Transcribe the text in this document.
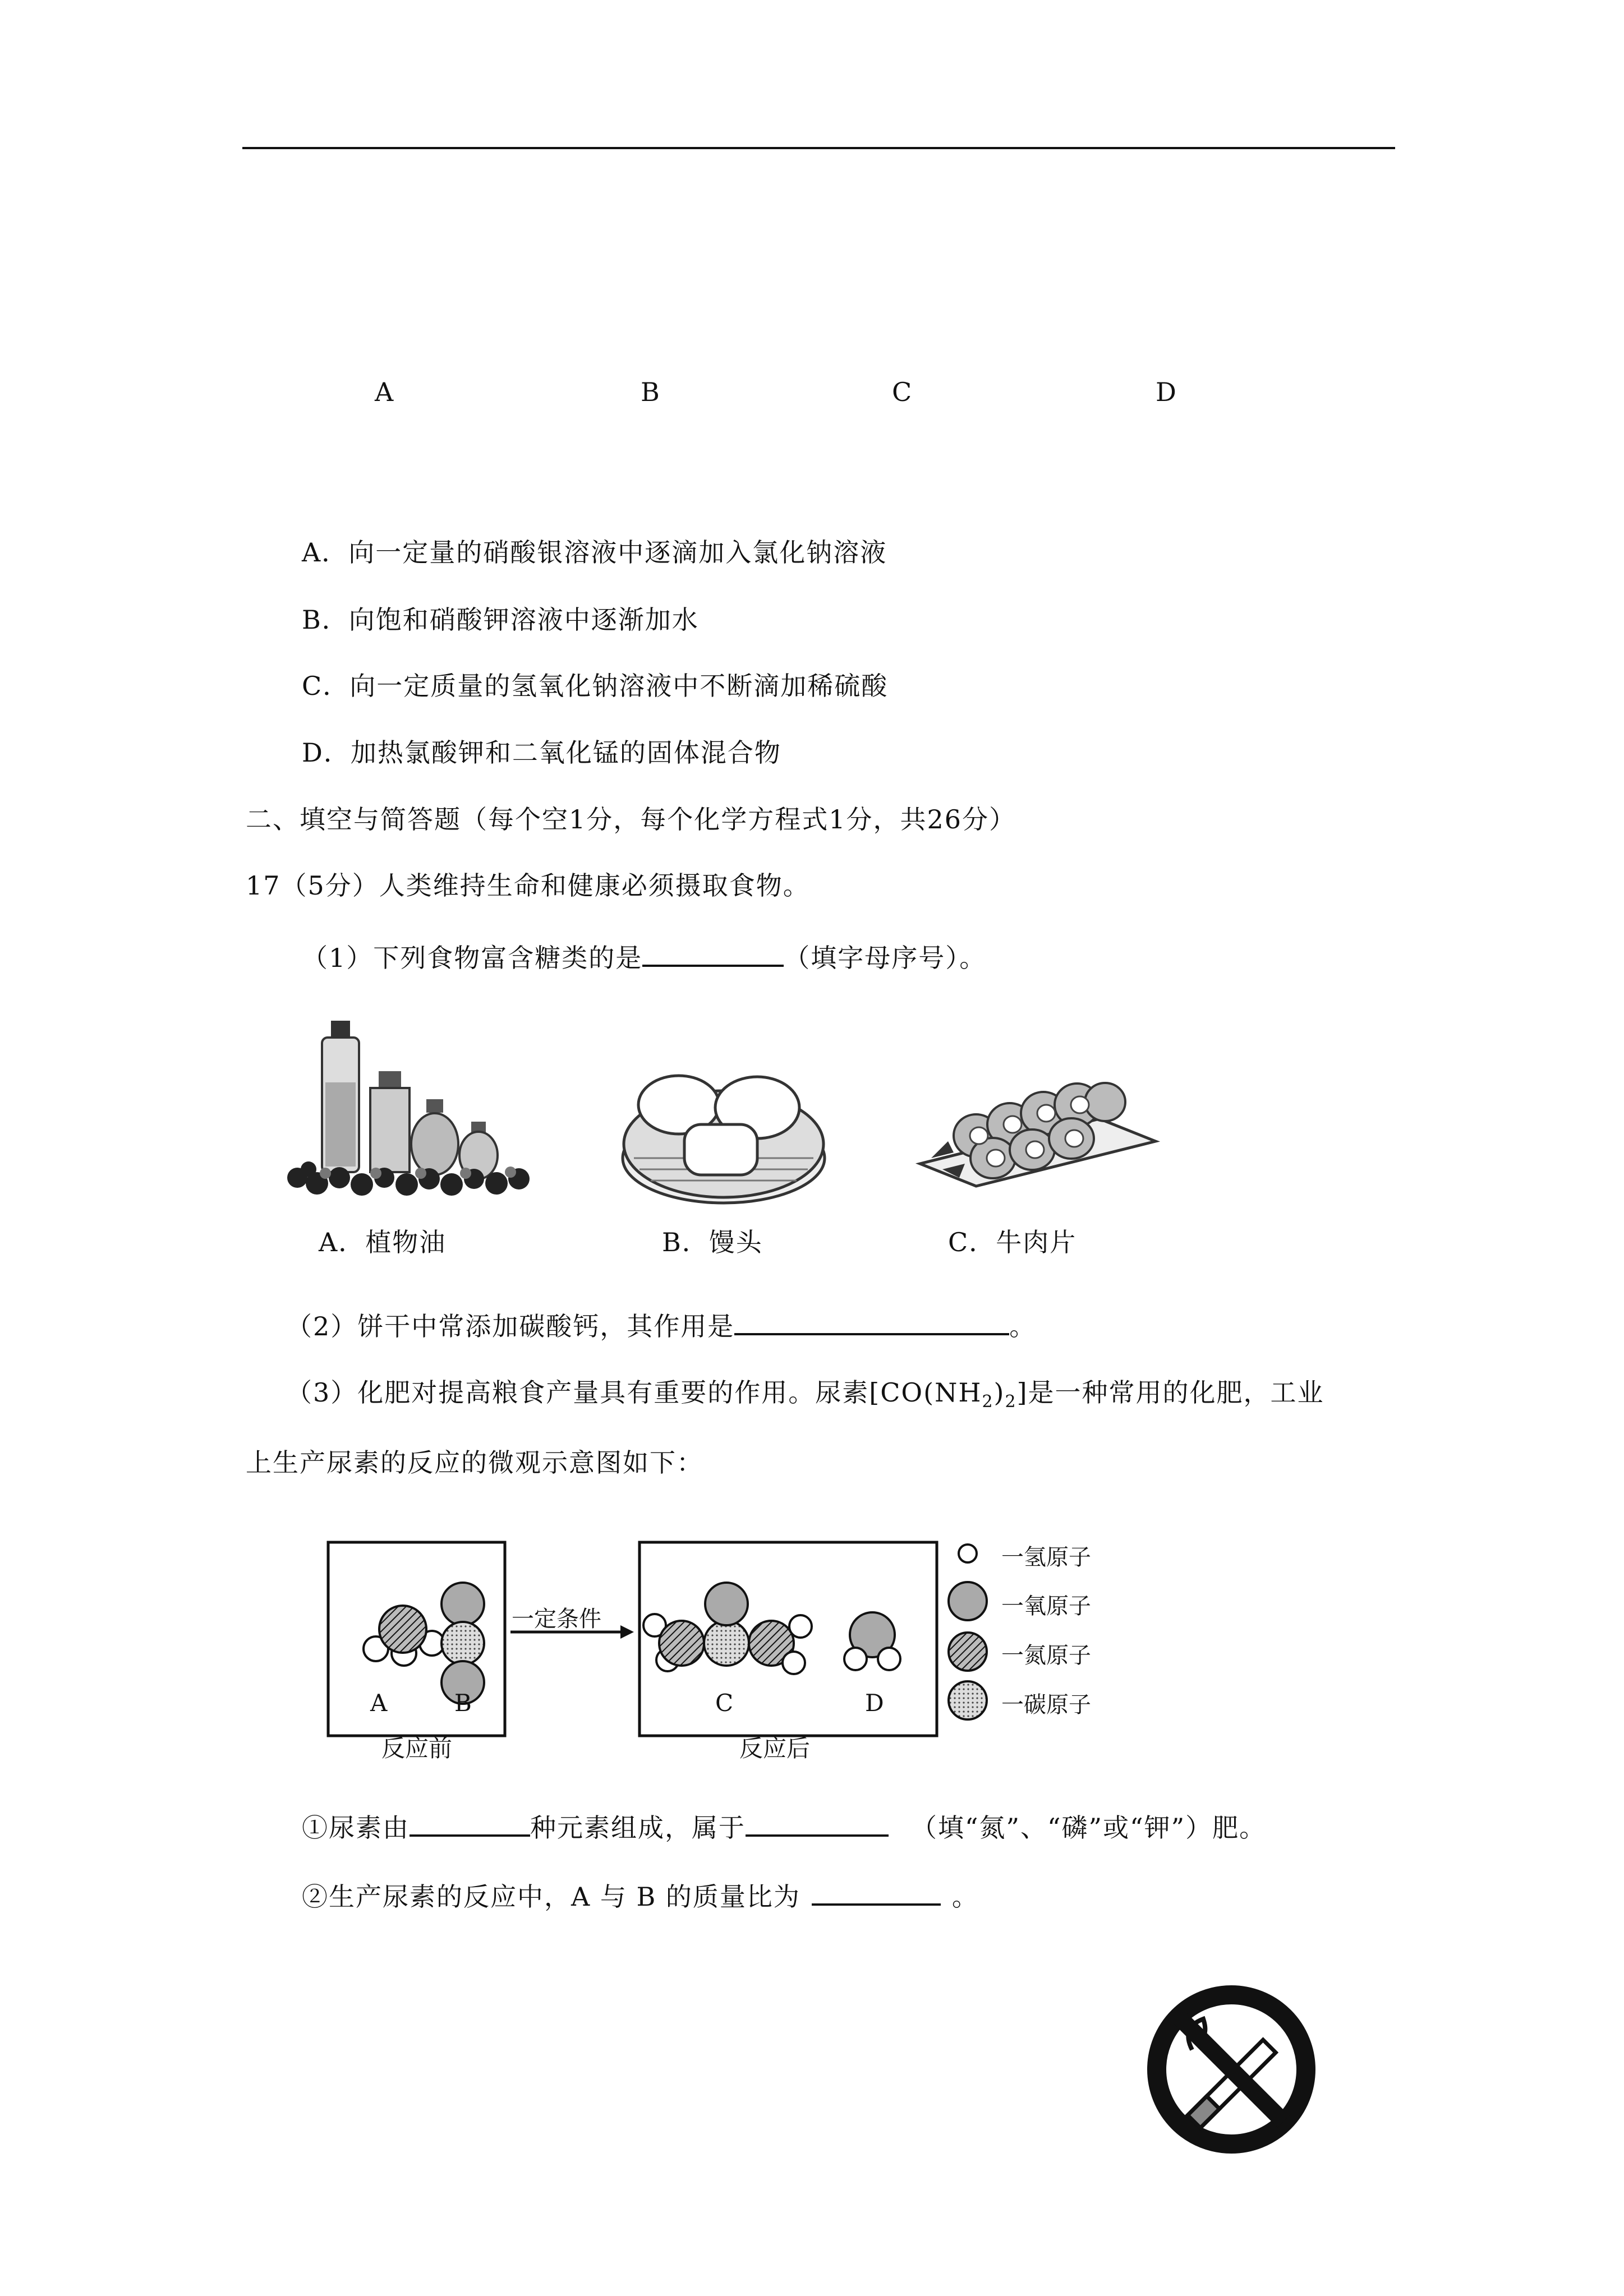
A	B	C	D
A．向一定量的硝酸银溶液中逐滴加入氯化钠溶液
B．向饱和硝酸钾溶液中逐渐加水
C．向一定质量的氢氧化钠溶液中不断滴加稀硫酸
D．加热氯酸钾和二氧化锰的固体混合物
二、填空与简答题（每个空1分，每个化学方程式1分，共26分）
17（5分）人类维持生命和健康必须摄取食物。
（1）下列食物富含糖类的是	（填字母序号）。
A．植物油	B．馒头	C．牛肉片
（2）饼干中常添加碳酸钙，其作用是	。
（3）化肥对提高粮食产量具有重要的作用。尿素$[CO(NH_2)_2]$是一种常用的化肥，工业
上生产尿素的反应的微观示意图如下：
一定条件
A	B	C	D
反应前	反应后
一氢原子
一氧原子
一氮原子
一碳原子
①尿素由	种元素组成，属于	（填“氮”、“磷”或“钾”）肥。
②生产尿素的反应中，A 与 B 的质量比为	。
